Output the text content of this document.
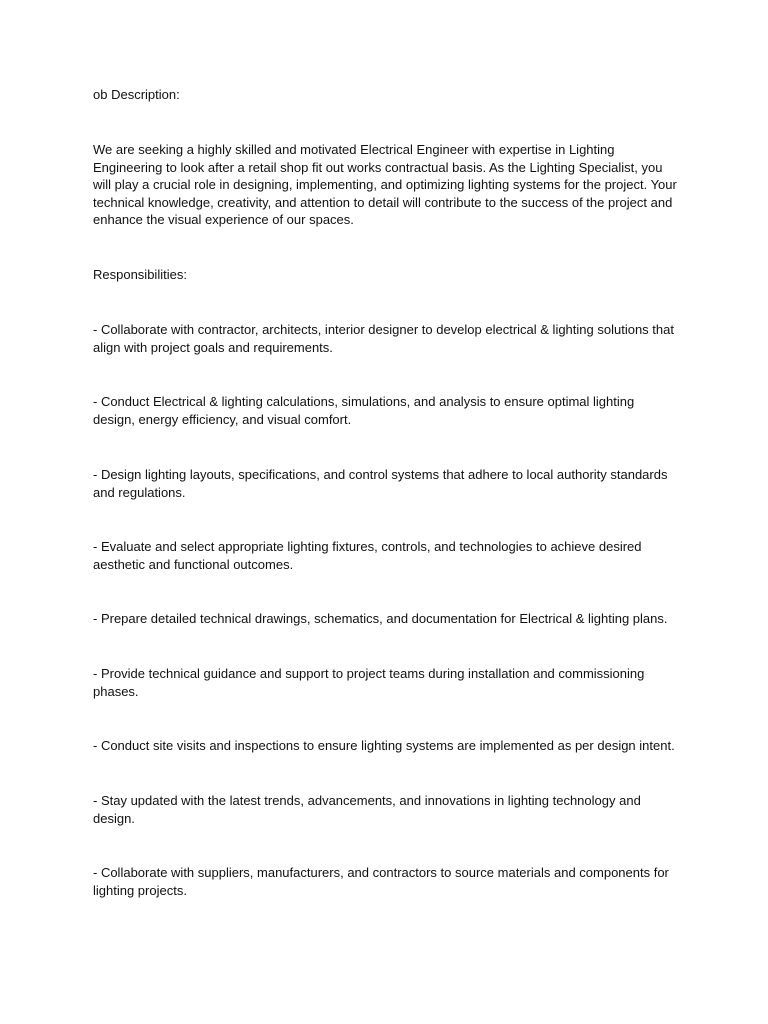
ob Description:

We are seeking a highly skilled and motivated Electrical Engineer with expertise in Lighting Engineering to look after a retail shop fit out works contractual basis. As the Lighting Specialist, you will play a crucial role in designing, implementing, and optimizing lighting systems for the project. Your technical knowledge, creativity, and attention to detail will contribute to the success of the project and enhance the visual experience of our spaces.

Responsibilities:

- Collaborate with contractor, architects, interior designer to develop electrical & lighting solutions that align with project goals and requirements.

- Conduct Electrical & lighting calculations, simulations, and analysis to ensure optimal lighting design, energy efficiency, and visual comfort.

- Design lighting layouts, specifications, and control systems that adhere to local authority standards and regulations.

- Evaluate and select appropriate lighting fixtures, controls, and technologies to achieve desired aesthetic and functional outcomes.

- Prepare detailed technical drawings, schematics, and documentation for Electrical & lighting plans.

- Provide technical guidance and support to project teams during installation and commissioning phases.

- Conduct site visits and inspections to ensure lighting systems are implemented as per design intent.

- Stay updated with the latest trends, advancements, and innovations in lighting technology and design.

- Collaborate with suppliers, manufacturers, and contractors to source materials and components for lighting projects.
